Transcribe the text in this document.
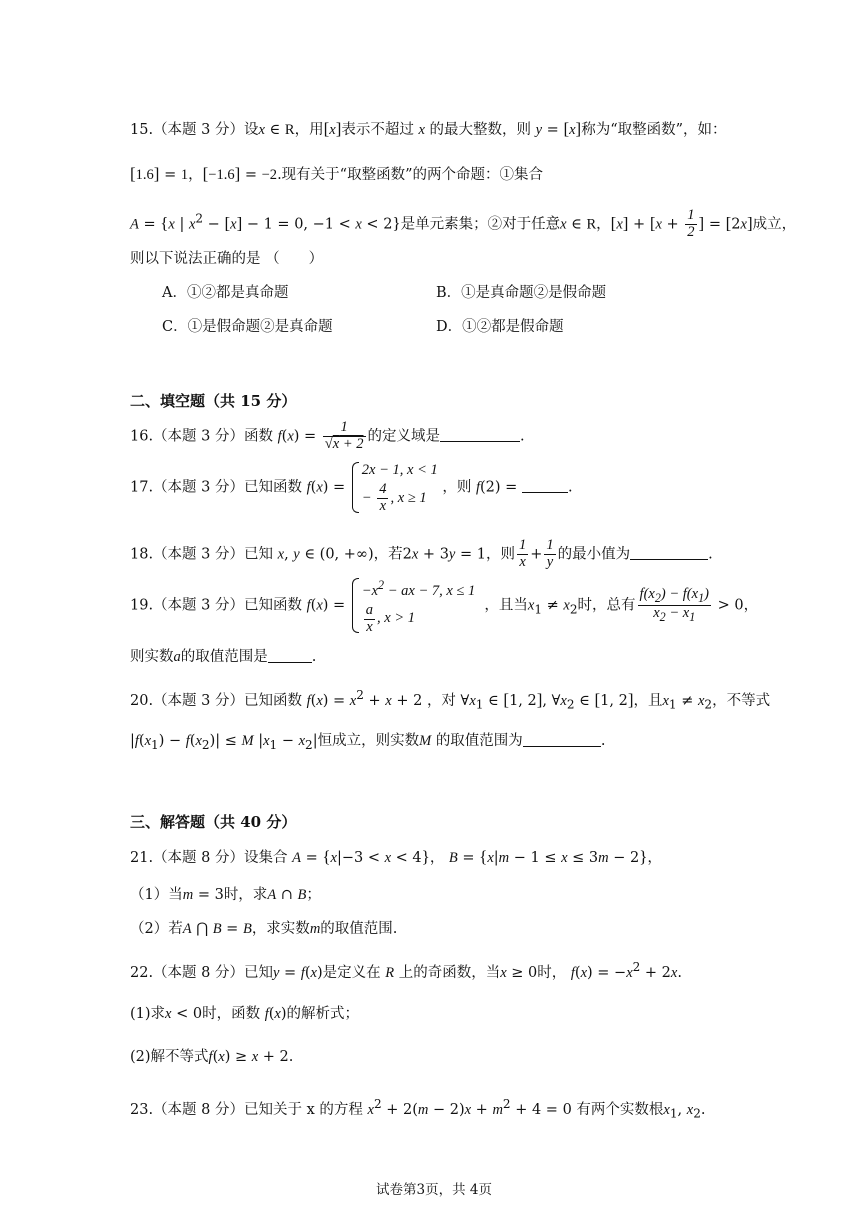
15.（本题 3 分）设x ∈ R，用[x]表示不超过 x 的最大整数，则 y = [x]称为“取整函数”，如：
[1.6] = 1，[−1.6] = −2.现有关于“取整函数”的两个命题：①集合
A = {x | $x^2 - [x] - 1 = 0$, −1 < x < 2}是单元素集；②对于任意x ∈ R，$[x] + [x + \frac{1}{2}$ ] = [2x]成立，
则以下说法正确的是 （　　）
A．①②都是真命题	B．①是真命题②是假命题
C．①是假命题②是真命题	D．①②都是假命题
二、填空题（共 15 分）
16.（本题 3 分）函数 $f(x) = \frac{1}{√x + 2}$ 的定义域是	.
17.（本题 3 分）已知函数 f(x) = 2x − 1, x < 1
− $\frac{4}{x}$ , x ≥ 1 ，则 f(2) =	.
18.（本题 3 分）已知 x, y ∈ (0, +∞)，若2x + 3y = 1，则 $\frac{1}{x} + \frac{1}{y}$ 的最小值为	.
19.（本题 3 分）已知函数 $f(x) = -x^2$ − ax − 7, x ≤ 1

$\frac{a}{x}$ , x > 1 ，且当$x_1 \ne x_2$时，总有 $\frac{f(x_2) - f(x_1)}{x_2 - x_1} > 0$，
则实数a的取值范围是	.
20.（本题 3 分）已知函数 $f(x) = x^2 + x + 2$ ，对 $\forall x_1$ ∈ [1, 2], $\forall x_2$ ∈ [1, 2]，且$x_1 \ne x_2$，不等式
$|f(x_1) - f(x_2)| \le M$ $|x_1 - x_2|$恒成立，则实数M 的取值范围为	.
三、解答题（共 40 分）
21.（本题 8 分）设集合 A = {x|−3 < x < 4}， B = {x|m − 1 ≤ x ≤ 3m − 2}，
（1）当m = 3时，求A ∩ B；
（2）若A ⋂ B = B，求实数m的取值范围.
22.（本题 8 分）已知y = f(x)是定义在 R 上的奇函数，当x ≥ 0时， $f(x) = -x^2 + 2x$.
(1)求x < 0时，函数 f(x)的解析式；
(2)解不等式f(x) ≥ x + 2.
23.（本题 8 分）已知关于 x 的方程 $x^2 + 2(m - 2)x + m^2 + 4 = 0$ 有两个实数根$x_1$, $x_2$.
试卷第3页，共 4页
